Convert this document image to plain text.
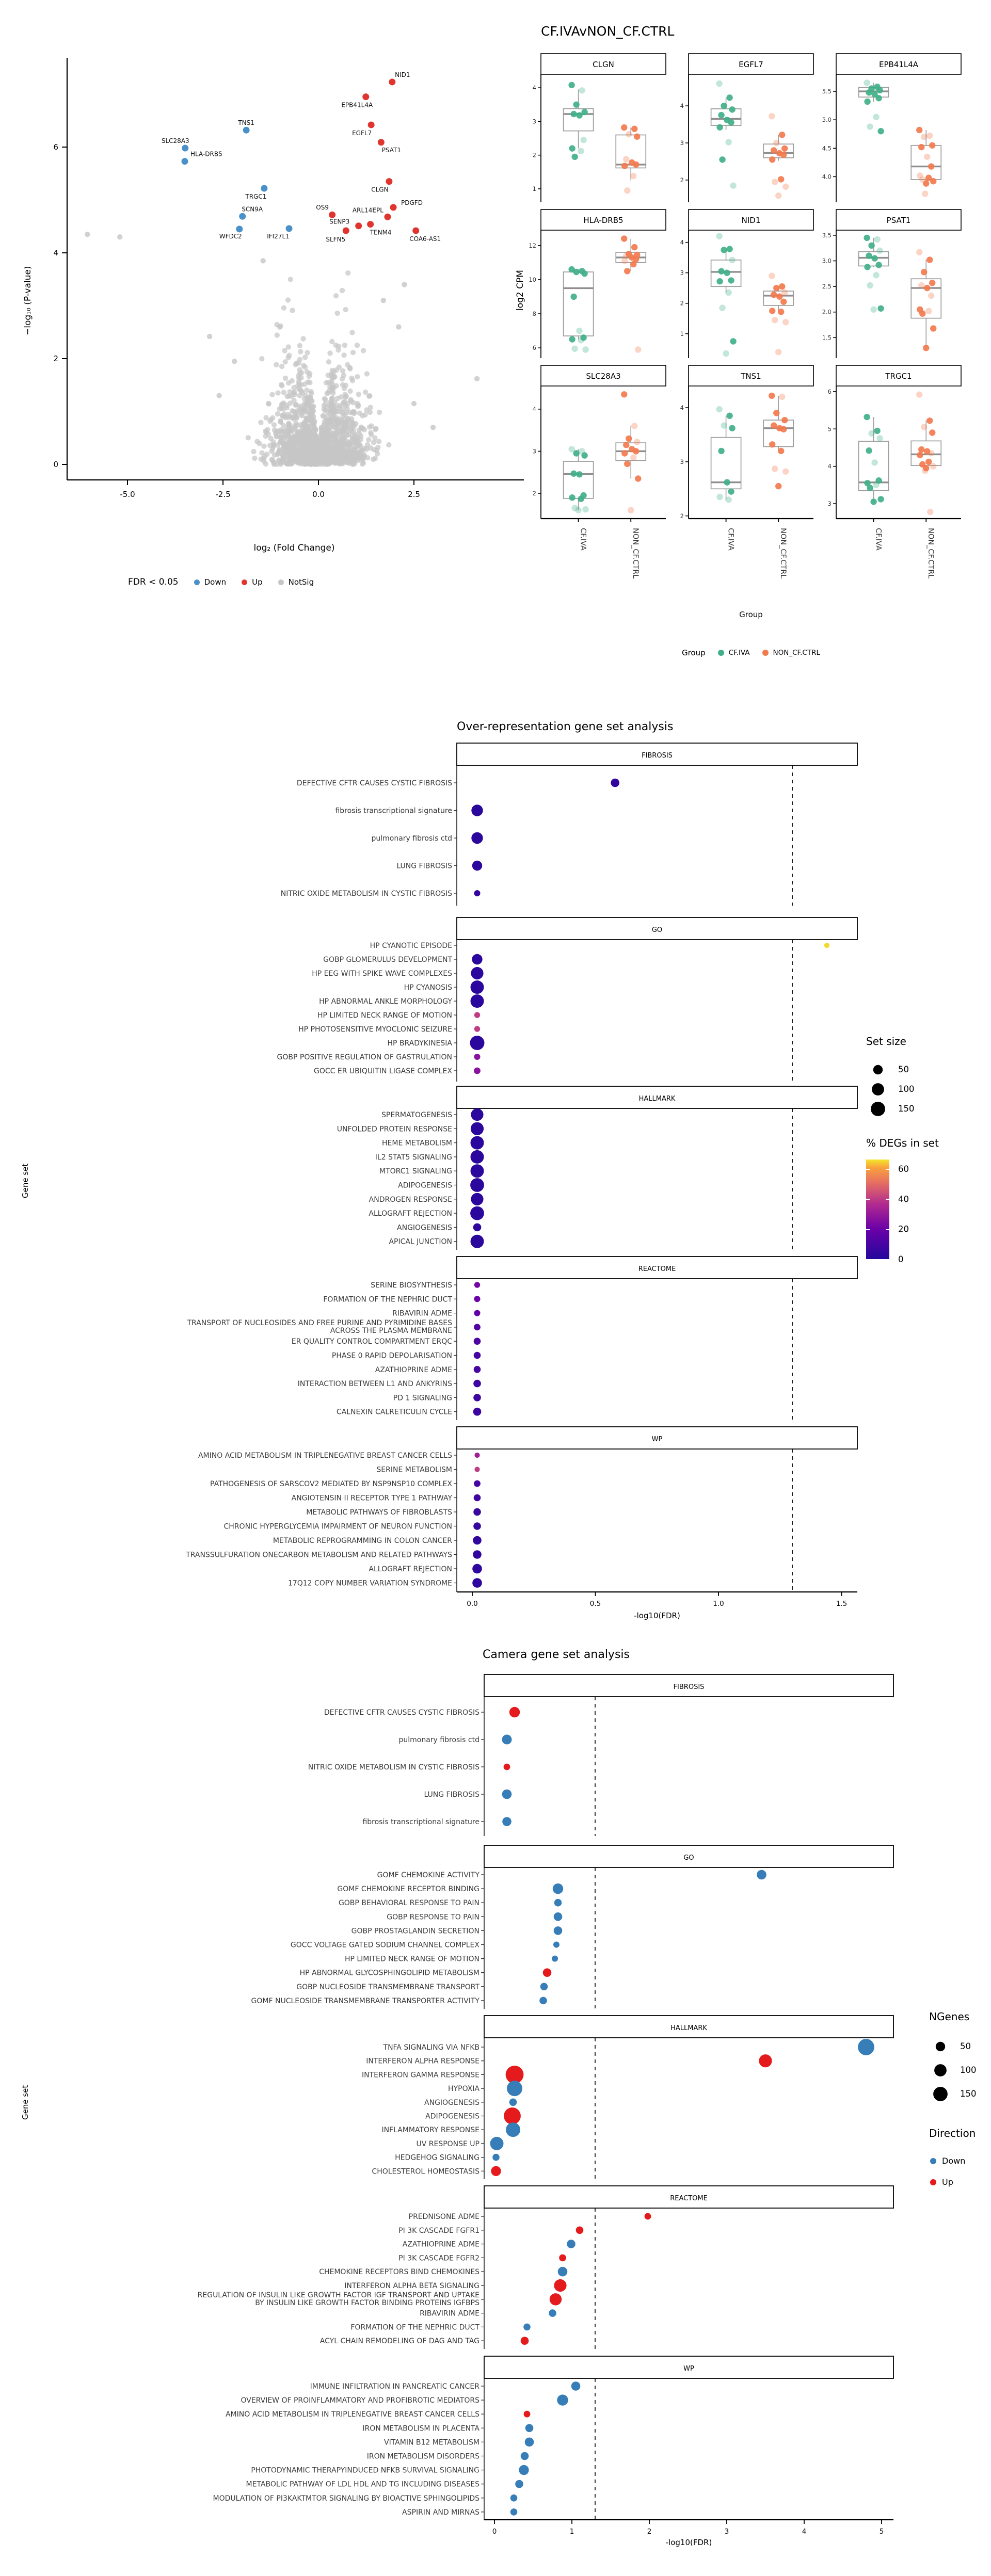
0
2
4
6
-5.0	-2.5	0.0	2.5
NID1
EPB41L4A
TNS1
EGFL7
SLC28A3
PSAT1
HLA-DRB5
CLGN
TRGC1
PDGFD
OS9	ARL14EPL
SCN9A
SENP3
TENM4
WFDC2	IFI27L1	SLFN5	COA6-AS1
−log₁₀ (P-value)
log₂ (Fold Change)
FDR < 0.05	Down	Up	NotSig
CF.IVAvNON_CF.CTRL
CLGN
1
2
3
4
EGFL7
2
3
4
EPB41L4A
4.0
4.5
5.0
5.5
HLA-DRB5
6
8
10
12
NID1
1
2
3
4
PSAT1
1.5
2.0
2.5
3.0
3.5
SLC28A3
2
3
4
CF.IVA	NON_CF.CTRL
TNS1
2
3
4
CF.IVA	NON_CF.CTRL
TRGC1
3
4
5
6
CF.IVA	NON_CF.CTRL
log2 CPM
Group
Group	CF.IVA	NON_CF.CTRL
Over-representation gene set analysis
FIBROSIS
DEFECTIVE CFTR CAUSES CYSTIC FIBROSIS
fibrosis transcriptional signature
pulmonary fibrosis ctd
LUNG FIBROSIS
NITRIC OXIDE METABOLISM IN CYSTIC FIBROSIS
GO
HP CYANOTIC EPISODE
GOBP GLOMERULUS DEVELOPMENT
HP EEG WITH SPIKE WAVE COMPLEXES
HP CYANOSIS
HP ABNORMAL ANKLE MORPHOLOGY
HP LIMITED NECK RANGE OF MOTION
HP PHOTOSENSITIVE MYOCLONIC SEIZURE
HP BRADYKINESIA
GOBP POSITIVE REGULATION OF GASTRULATION
GOCC ER UBIQUITIN LIGASE COMPLEX
HALLMARK
SPERMATOGENESIS
UNFOLDED PROTEIN RESPONSE
HEME METABOLISM
IL2 STAT5 SIGNALING
MTORC1 SIGNALING
ADIPOGENESIS
ANDROGEN RESPONSE
ALLOGRAFT REJECTION
ANGIOGENESIS
APICAL JUNCTION
REACTOME
SERINE BIOSYNTHESIS
FORMATION OF THE NEPHRIC DUCT
RIBAVIRIN ADME
TRANSPORT OF NUCLEOSIDES AND FREE PURINE AND PYRIMIDINE BASES ACROSS THE PLASMA MEMBRANE
ER QUALITY CONTROL COMPARTMENT ERQC
PHASE 0 RAPID DEPOLARISATION
AZATHIOPRINE ADME
INTERACTION BETWEEN L1 AND ANKYRINS
PD 1 SIGNALING
CALNEXIN CALRETICULIN CYCLE
WP
AMINO ACID METABOLISM IN TRIPLENEGATIVE BREAST CANCER CELLS
SERINE METABOLISM
PATHOGENESIS OF SARSCOV2 MEDIATED BY NSP9NSP10 COMPLEX
ANGIOTENSIN II RECEPTOR TYPE 1 PATHWAY
METABOLIC PATHWAYS OF FIBROBLASTS
CHRONIC HYPERGLYCEMIA IMPAIRMENT OF NEURON FUNCTION
METABOLIC REPROGRAMMING IN COLON CANCER
TRANSSULFURATION ONECARBON METABOLISM AND RELATED PATHWAYS
ALLOGRAFT REJECTION
17Q12 COPY NUMBER VARIATION SYNDROME
0.0	0.5	1.0	1.5
50
100
150
60
40
20
0
Gene set
-log10(FDR)
Set size
% DEGs in set
Camera gene set analysis
FIBROSIS
DEFECTIVE CFTR CAUSES CYSTIC FIBROSIS
pulmonary fibrosis ctd
NITRIC OXIDE METABOLISM IN CYSTIC FIBROSIS
LUNG FIBROSIS
fibrosis transcriptional signature
GO
GOMF CHEMOKINE ACTIVITY
GOMF CHEMOKINE RECEPTOR BINDING
GOBP BEHAVIORAL RESPONSE TO PAIN
GOBP RESPONSE TO PAIN
GOBP PROSTAGLANDIN SECRETION
GOCC VOLTAGE GATED SODIUM CHANNEL COMPLEX
HP LIMITED NECK RANGE OF MOTION
HP ABNORMAL GLYCOSPHINGOLIPID METABOLISM
GOBP NUCLEOSIDE TRANSMEMBRANE TRANSPORT
GOMF NUCLEOSIDE TRANSMEMBRANE TRANSPORTER ACTIVITY
HALLMARK
TNFA SIGNALING VIA NFKB
INTERFERON ALPHA RESPONSE
INTERFERON GAMMA RESPONSE
HYPOXIA
ANGIOGENESIS
ADIPOGENESIS
INFLAMMATORY RESPONSE
UV RESPONSE UP
HEDGEHOG SIGNALING
CHOLESTEROL HOMEOSTASIS
REACTOME
PREDNISONE ADME
PI 3K CASCADE FGFR1
AZATHIOPRINE ADME
PI 3K CASCADE FGFR2
CHEMOKINE RECEPTORS BIND CHEMOKINES
INTERFERON ALPHA BETA SIGNALING
REGULATION OF INSULIN LIKE GROWTH FACTOR IGF TRANSPORT AND UPTAKE BY INSULIN LIKE GROWTH FACTOR BINDING PROTEINS IGFBPS
RIBAVIRIN ADME
FORMATION OF THE NEPHRIC DUCT
ACYL CHAIN REMODELING OF DAG AND TAG
WP
IMMUNE INFILTRATION IN PANCREATIC CANCER
OVERVIEW OF PROINFLAMMATORY AND PROFIBROTIC MEDIATORS
AMINO ACID METABOLISM IN TRIPLENEGATIVE BREAST CANCER CELLS
IRON METABOLISM IN PLACENTA
VITAMIN B12 METABOLISM
IRON METABOLISM DISORDERS
PHOTODYNAMIC THERAPYINDUCED NFKB SURVIVAL SIGNALING
METABOLIC PATHWAY OF LDL HDL AND TG INCLUDING DISEASES
MODULATION OF PI3KAKTMTOR SIGNALING BY BIOACTIVE SPHINGOLIPIDS
ASPIRIN AND MIRNAS
0	1	2	3	4	5
50
100
150
Gene set
-log10(FDR)
NGenes
Direction
Down
Up
